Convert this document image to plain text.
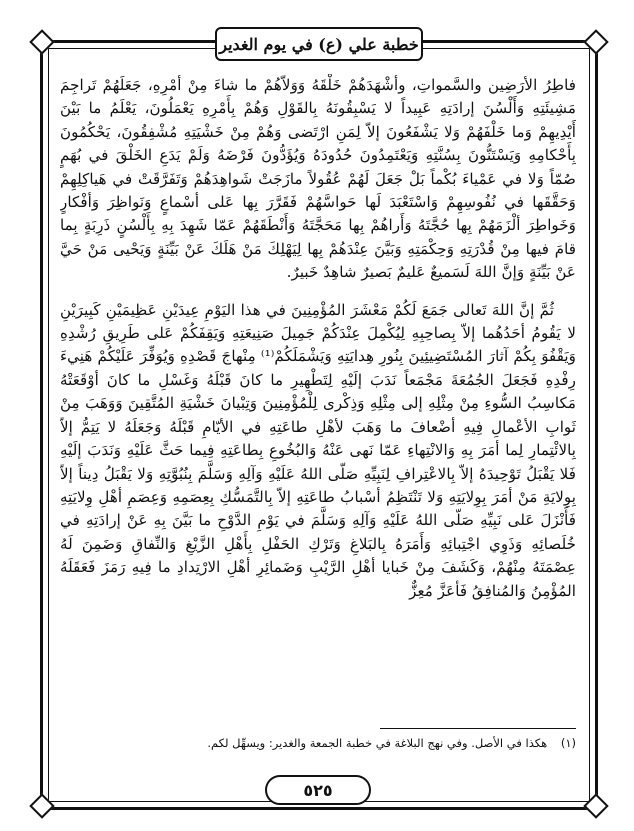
خطبة علي (ع) في يوم الغدير

فاطِرُ الأرَضِين والسَّمواتِ، وأشْهَدَهُمْ خَلْقَهُ وَوَلاّهُمْ ما شاءَ مِنْ أمْرِهِ، جَعَلَهُمْ تَراجِمَ مَشِيئَتِهِ وَأَلْسُنَ إرادَتِهِ عَبِيداً لا يَسْبِقُونَهُ بِالقَوْلِ وَهُمْ بِأَمْرِهِ يَعْمَلُونَ، يَعْلَمُ ما بَيْنَ أَيْدِيهِمْ وَما خَلْفَهُمْ وَلا يَشْفَعُونَ إلاّ لِمَنِ ارْتَضى وَهُمْ مِنْ خَشْيَتِهِ مُشْفِقُونَ، يَحْكُمُونَ بِأَحْكامِهِ وَيَسْتَنُّونَ بِسُنَّتِهِ وَيَعْتَمِدُونَ حُدُودَهُ وَيُؤَدُّونَ فَرْضَهُ وَلَمْ يَدَعِ الخَلْقَ في بُهَمٍ صُمّاً وَلا في عَمْياءَ بُكْماً بَلْ جَعَلَ لَهُمْ عُقُولاً مازَجَتْ شَواهِدَهُمْ وَتَفَرَّقَتْ في هَياكِلِهِمْ وَحَقَّقَها في نُفُوسِهِمْ وَاسْتَعْبَدَ لَها حَواسَّهُمْ فَقَرَّرَ بِها عَلى أسْماعٍ وَنَواظِرَ وَأفْكارٍ وَخَواطِرَ ألْزَمَهُمْ بِها حُجَّتَهُ وَأَراهُمْ بِها مَحَجَّتَهُ وَأَنْطَقَهُمْ عَمّا شَهِدَ بِهِ بِأَلْسُنٍ ذَرِبَةٍ بِما قامَ فيها مِنْ قُدْرَتِهِ وَحِكْمَتِهِ وَبَيَّنَ عِنْدَهُمْ بِها لِيَهْلِكَ مَنْ هَلَكَ عَنْ بَيِّنَةٍ وَيَحْيى مَنْ حَيَّ عَنْ بَيِّنَةٍ وَإنَّ اللهَ لَسَميعٌ عَليمٌ بَصيرٌ شاهِدٌ خَبيرٌ.

ثُمَّ إنَّ اللهَ تَعالى جَمَعَ لَكُمْ مَعْشَرَ المُؤْمِنِينَ في هذا اليَوْمِ عِيدَيْنِ عَظِيمَيْنِ كَبِيرَيْنِ لا يَقُومُ أحَدُهُما إلاّ بِصاحِبِهِ لِيُكْمِلَ عِنْدَكُمْ جَمِيلَ صَنِيعَتِهِ وَيَقِفَكُمْ عَلى طَرِيقِ رُشْدِهِ وَيَقْفُوَ بِكُمْ آثارَ المُسْتَضِيئِينَ بِنُورِ هِدايَتِهِ وَيَشْمَلَكُمْ⁽¹⁾ مِنْهاجَ قَصْدِهِ وَيُوَفِّرَ عَلَيْكُمْ هَنِيءَ رِفْدِهِ فَجَعَلَ الجُمُعَةَ مَجْمَعاً نَدَبَ إلَيْهِ لِتَطْهِيرِ ما كانَ قَبْلَهُ وَغَسْلِ ما كانَ أوْقَعَتْهُ مَكاسِبُ السُّوءِ مِنْ مِثْلِهِ إلى مِثْلِهِ وَذِكْرى لِلْمُؤْمِنِينَ وَتِبْيانَ خَشْيَةِ المُتَّقِينَ وَوَهَبَ مِنْ ثَوابِ الأعْمالِ فِيهِ أضْعافَ ما وَهَبَ لأهْلِ طاعَتِهِ في الأيّامِ قَبْلَهُ وَجَعَلَهُ لا يَتِمُّ إلاّ بِالائْتِمارِ لِما أمَرَ بِهِ وَالانْتِهاءِ عَمّا نَهى عَنْهُ وَالبُخُوعِ بِطاعَتِهِ فِيما حَثَّ عَلَيْهِ وَنَدَبَ إلَيْهِ فَلا يَقْبَلُ تَوْحِيدَهُ إلاّ بِالاعْتِرافِ لِنَبِيِّهِ صَلّى اللهُ عَلَيْهِ وَآلِهِ وَسَلَّمَ بِنُبُوَّتِهِ وَلا يَقْبَلُ دِيناً إلاّ بِوِلايَةِ مَنْ أمَرَ بِوِلايَتِهِ وَلا تَنْتَظِمُ أسْبابُ طاعَتِهِ إلاّ بِالتَّمَسُّكِ بِعِصَمِهِ وَعِصَمِ أهْلِ وِلايَتِهِ فَأَنْزَلَ عَلى نَبِيِّهِ صَلّى اللهُ عَلَيْهِ وَآلِهِ وَسَلَّمَ في يَوْمِ الدَّوْحِ ما بَيَّنَ بِهِ عَنْ إرادَتِهِ في خُلَصائِهِ وَذَوِي اجْتِبائِهِ وَأَمَرَهُ بِالبَلاغِ وَتَرْكِ الحَفْلِ بِأَهْلِ الزَّيْغِ وَالنِّفاقِ وَضَمِنَ لَهُ عِصْمَتَهُ مِنْهُمْ، وَكَشَفَ مِنْ خَبايا أهْلِ الرَّيْبِ وَضَمائِرِ أهْلِ الارْتِدادِ ما فِيهِ رَمَزَ فَعَقَلَهُ المُؤْمِنُ وَالمُنافِقُ فَأعَزَّ مُعِزٌّ

(١) هكذا في الأصل. وفي نهج البلاغة في خطبة الجمعة والغدير: ويسهِّل لكم.
٥٢٥
